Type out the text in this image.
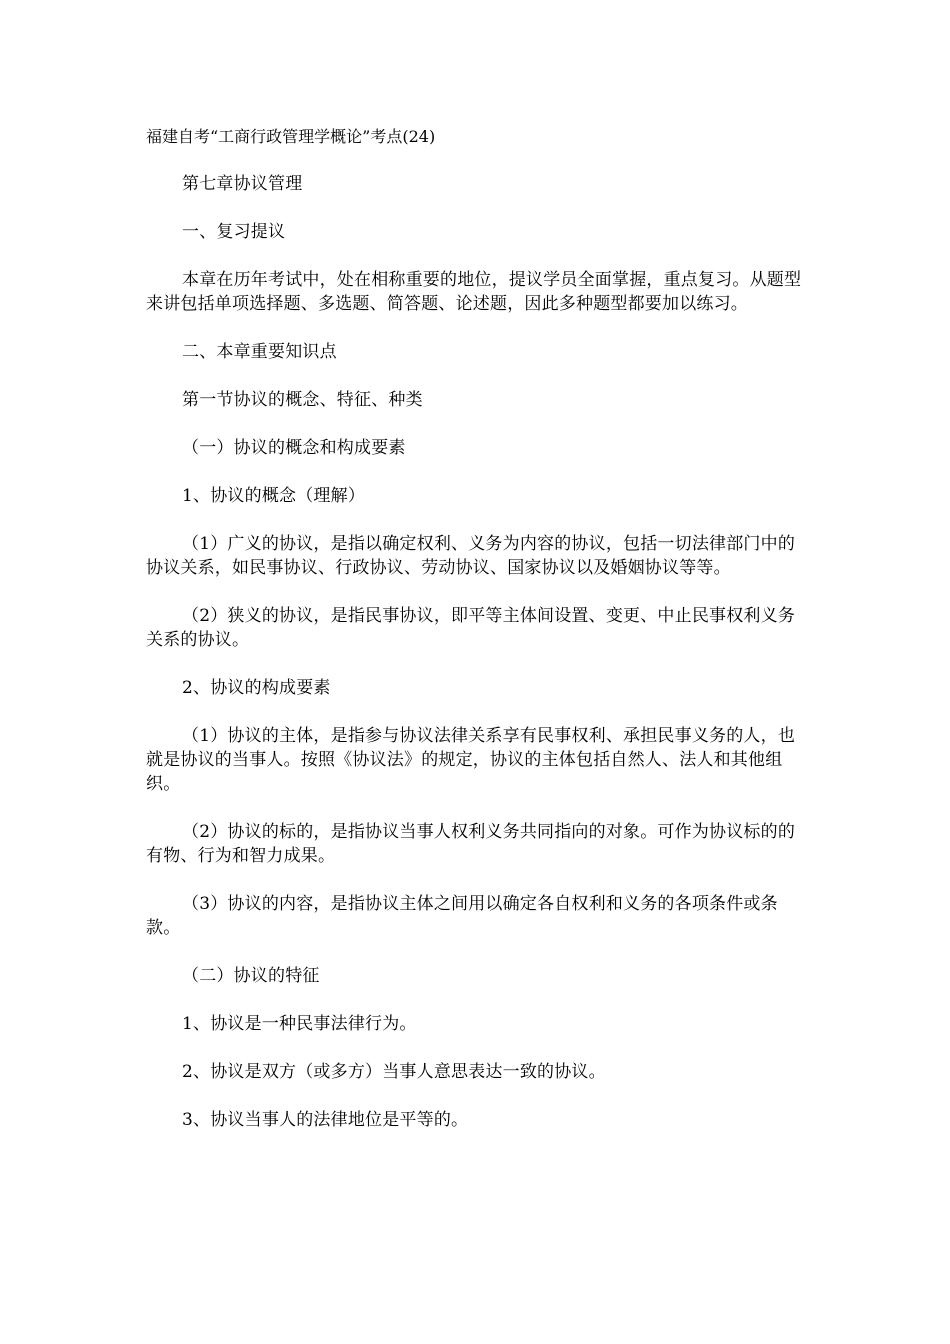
福建自考“工商行政管理学概论”考点(24)

第七章协议管理

一、复习提议

本章在历年考试中，处在相称重要的地位，提议学员全面掌握，重点复习。从题型来讲包括单项选择题、多选题、简答题、论述题，因此多种题型都要加以练习。

二、本章重要知识点

第一节协议的概念、特征、种类

（一）协议的概念和构成要素

1、协议的概念（理解）

（1）广义的协议，是指以确定权利、义务为内容的协议，包括一切法律部门中的协议关系，如民事协议、行政协议、劳动协议、国家协议以及婚姻协议等等。

（2）狭义的协议，是指民事协议，即平等主体间设置、变更、中止民事权利义务关系的协议。

2、协议的构成要素

（1）协议的主体，是指参与协议法律关系享有民事权利、承担民事义务的人，也就是协议的当事人。按照《协议法》的规定，协议的主体包括自然人、法人和其他组织。

（2）协议的标的，是指协议当事人权利义务共同指向的对象。可作为协议标的的有物、行为和智力成果。

（3）协议的内容，是指协议主体之间用以确定各自权利和义务的各项条件或条款。

（二）协议的特征

1、协议是一种民事法律行为。

2、协议是双方（或多方）当事人意思表达一致的协议。

3、协议当事人的法律地位是平等的。
